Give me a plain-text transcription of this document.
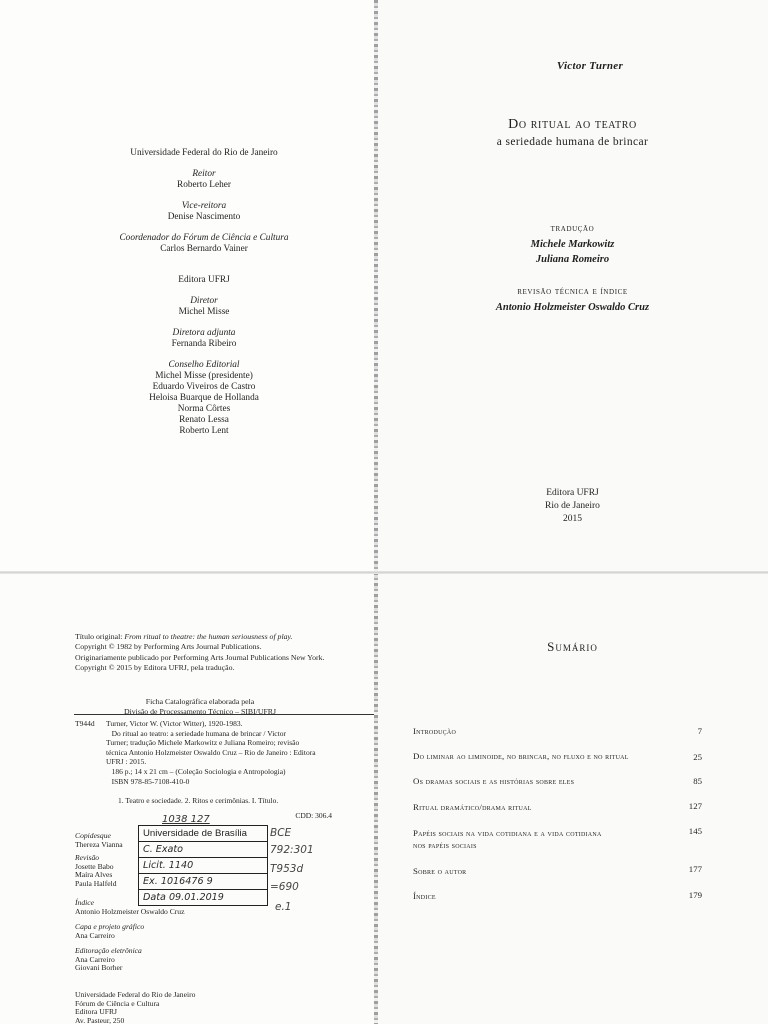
Universidade Federal do Rio de Janeiro
Reitor
Roberto Leher
Vice-reitora
Denise Nascimento
Coordenador do Fórum de Ciência e Cultura
Carlos Bernardo Vainer
Editora UFRJ
Diretor
Michel Misse
Diretora adjunta
Fernanda Ribeiro
Conselho Editorial
Michel Misse (presidente)
Eduardo Viveiros de Castro
Heloisa Buarque de Hollanda
Norma Côrtes
Renato Lessa
Roberto Lent
Victor Turner
Do ritual ao teatro
a seriedade humana de brincar
tradução
Michele Markowitz
Juliana Romeiro
revisão técnica e índice
Antonio Holzmeister Oswaldo Cruz
Editora UFRJ
Rio de Janeiro
2015
Título original: From ritual to theatre: the human seriousness of play.
Copyright © 1982 by Performing Arts Journal Publications.
Originariamente publicado por Performing Arts Journal Publications New York.
Copyright © 2015 by Editora UFRJ, pela tradução.
Ficha Catalográfica elaborada pela
Divisão de Processamento Técnico – SIBI/UFRJ
T944d Turner, Victor W. (Victor Witter), 1920-1983.
Do ritual ao teatro: a seriedade humana de brincar / Victor
Turner; tradução Michele Markowitz e Juliana Romeiro; revisão
técnica Antonio Holzmeister Oswaldo Cruz – Rio de Janeiro : Editora
UFRJ : 2015.
186 p.; 14 x 21 cm – (Coleção Sociologia e Antropologia)
ISBN 978-85-7108-410-0
1. Teatro e sociedade. 2. Ritos e cerimônias. I. Título.
CDD: 306.4
Copidesque
Thereza Vianna
Revisão
Josette Babo
Maíra Alves
Paula Halfeld
Índice
Antonio Holzmeister Oswaldo Cruz
Capa e projeto gráfico
Ana Carreiro
Editoração eletrônica
Ana Carreiro
Giovani Borher
Universidade Federal do Rio de Janeiro
Fórum de Ciência e Cultura
Editora UFRJ
Av. Pasteur, 250
1038 127
Universidade de Brasília
C. Exato
Licit. 1140
Ex. 1016476 9
Data 09.01.2019
BCE
792:301
T953d
=690
e.1
Sumário
Introdução	7
Do liminar ao liminoide, no brincar, no fluxo e no ritual	25
Os dramas sociais e as histórias sobre eles	85
Ritual dramático/drama ritual	127
Papéis sociais na vida cotidiana e a vida cotidiana
nos papéis sociais
145
Sobre o autor	177
Índice	179
